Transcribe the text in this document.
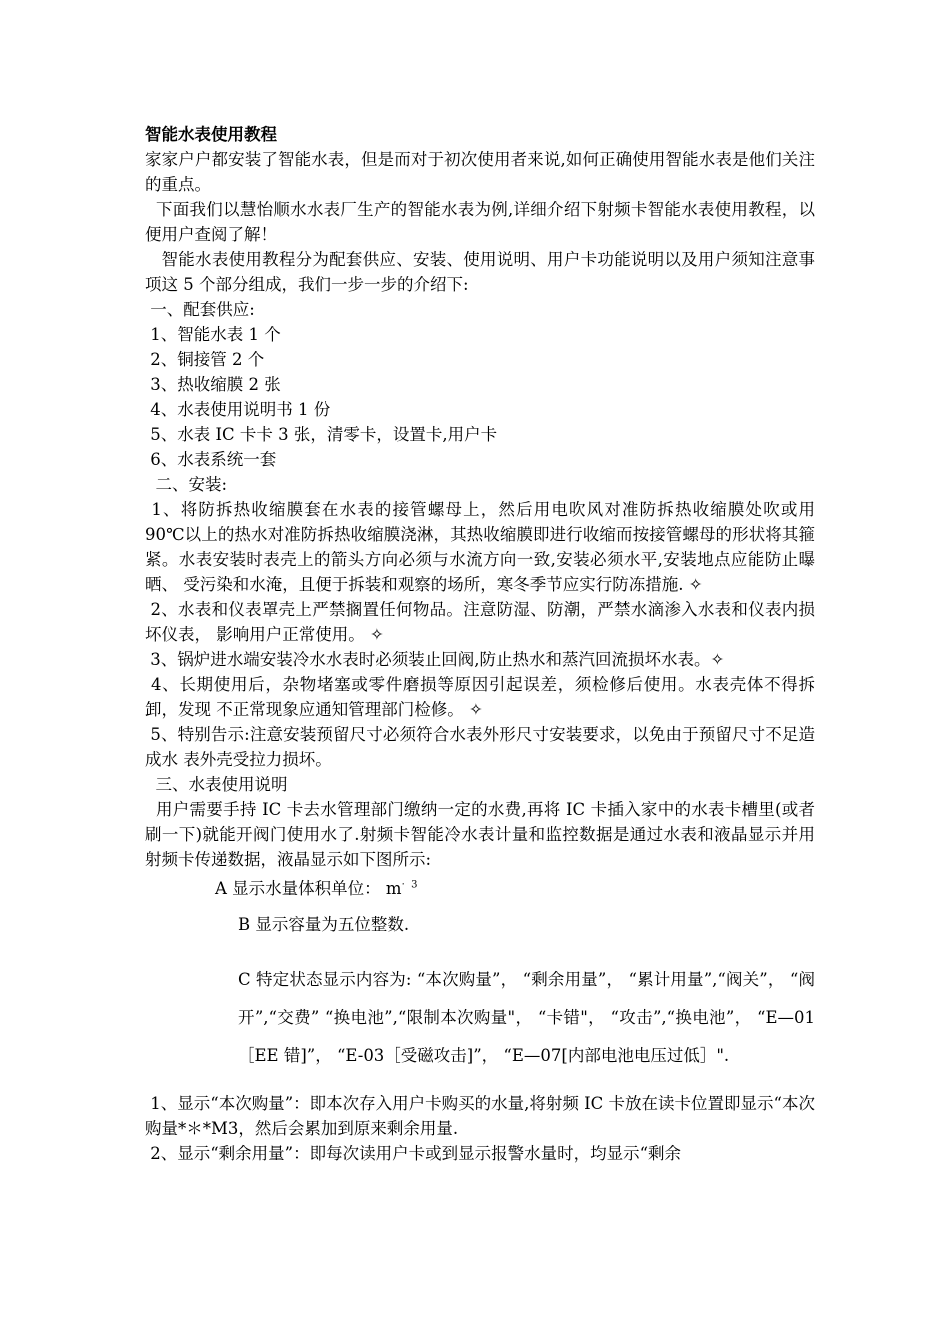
智能水表使用教程

家家户户都安装了智能水表，但是而对于初次使用者来说,如何正确使用智能水表是他们关注的重点。

下面我们以慧怡顺水水表厂生产的智能水表为例,详细介绍下射频卡智能水表使用教程，以便用户查阅了解！

智能水表使用教程分为配套供应、安装、使用说明、用户卡功能说明以及用户须知注意事项这 5 个部分组成，我们一步一步的介绍下:

一、配套供应:

1、智能水表 1 个

2、铜接管 2 个

3、热收缩膜 2 张

4、水表使用说明书 1 份

5、水表 IC 卡卡 3 张，清零卡，设置卡,用户卡

6、水表系统一套

二、安装:

1、将防拆热收缩膜套在水表的接管螺母上，然后用电吹风对准防拆热收缩膜处吹或用 90℃以上的热水对准防拆热收缩膜浇淋，其热收缩膜即进行收缩而按接管螺母的形状将其箍紧。水表安装时表壳上的箭头方向必须与水流方向一致,安装必须水平,安装地点应能防止曝晒、 受污染和水淹，且便于拆装和观察的场所，寒冬季节应实行防冻措施. ✧

2、水表和仪表罩壳上严禁搁置任何物品。注意防湿、防潮，严禁水滴渗入水表和仪表内损坏仪表， 影响用户正常使用。 ✧

3、锅炉进水端安装冷水水表时必须装止回阀,防止热水和蒸汽回流损坏水表。✧

4、长期使用后，杂物堵塞或零件磨损等原因引起误差，须检修后使用。水表壳体不得拆卸，发现 不正常现象应通知管理部门检修。 ✧

5、特别告示:注意安装预留尺寸必须符合水表外形尺寸安装要求，以免由于预留尺寸不足造成水 表外壳受拉力损坏。

三、水表使用说明

用户需要手持 IC 卡去水管理部门缴纳一定的水费,再将 IC 卡插入家中的水表卡槽里(或者刷一下)就能开阀门使用水了.射频卡智能冷水表计量和监控数据是通过水表和液晶显示并用射频卡传递数据，液晶显示如下图所示:

A 显示水量体积单位： $m^{\cdot 3}$

B 显示容量为五位整数.

C 特定状态显示内容为: “本次购量”， “剩余用量”， “累计用量”,“阀关”， “阀开”,“交费” “换电池”,“限制本次购量"， “卡错"， “攻击”,“换电池”， “E—01［EE 错]”， “E-03［受磁攻击]”， “E—07[内部电池电压过低］".

1、显示“本次购量”：即本次存入用户卡购买的水量,将射频 IC 卡放在读卡位置即显示“本次购量*＊*M3，然后会累加到原来剩余用量.

2、显示“剩余用量”：即每次读用户卡或到显示报警水量时，均显示“剩余
